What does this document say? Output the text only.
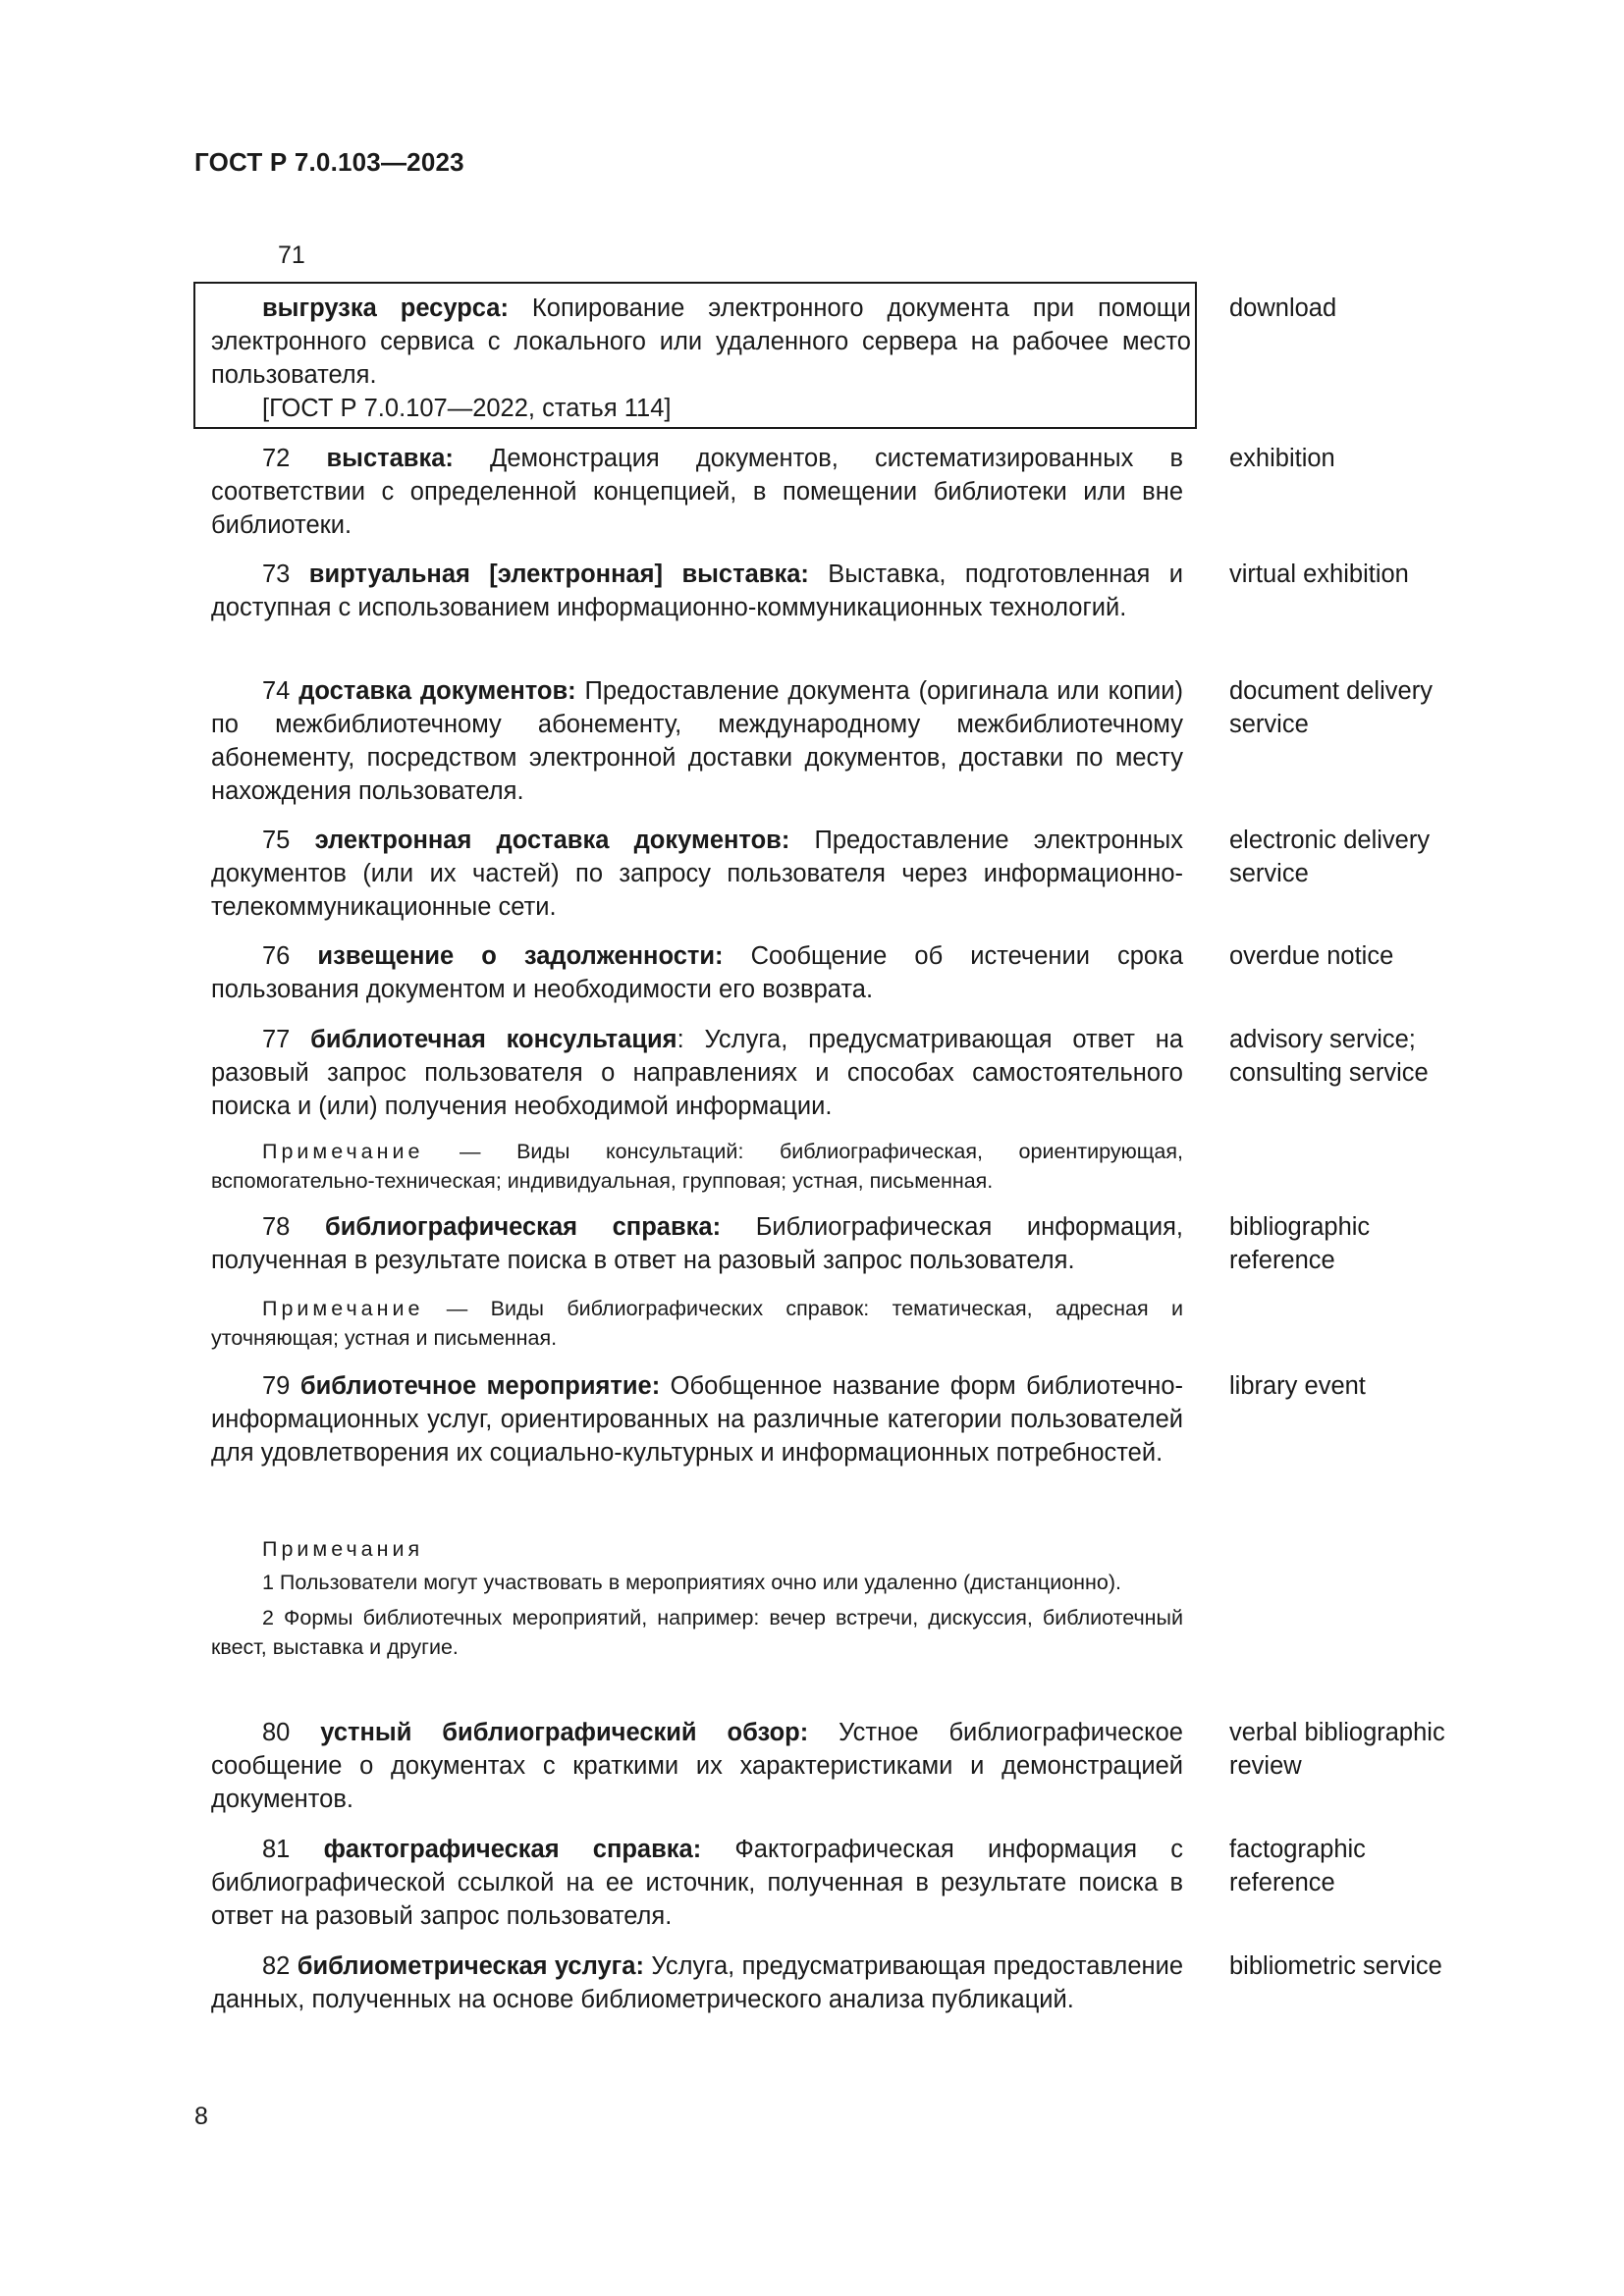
ГОСТ Р 7.0.103—2023
71
выгрузка ресурса: Копирование электронного документа при помощи электронного сервиса с локального или удаленного сервера на рабочее место пользователя.
[ГОСТ Р 7.0.107—2022, статья 114]
download
72 выставка: Демонстрация документов, систематизированных в соответствии с определенной концепцией, в помещении библиотеки или вне библиотеки.
exhibition
73 виртуальная [электронная] выставка: Выставка, подготовленная и доступная с использованием информационно-коммуникационных технологий.
virtual exhibition
74 доставка документов: Предоставление документа (оригинала или копии) по межбиблиотечному абонементу, международному межбиблиотечному абонементу, посредством электронной доставки документов, доставки по месту нахождения пользователя.
document delivery service
75 электронная доставка документов: Предоставление электронных документов (или их частей) по запросу пользователя через информационно-телекоммуникационные сети.
electronic delivery service
76 извещение о задолженности: Сообщение об истечении срока пользования документом и необходимости его возврата.
overdue notice
77 библиотечная консультация: Услуга, предусматривающая ответ на разовый запрос пользователя о направлениях и способах самостоятельного поиска и (или) получения необходимой информации.
advisory service; consulting service
Примечание — Виды консультаций: библиографическая, ориентирующая, вспомогательно-техническая; индивидуальная, групповая; устная, письменная.
78 библиографическая справка: Библиографическая информация, полученная в результате поиска в ответ на разовый запрос пользователя.
bibliographic reference
Примечание — Виды библиографических справок: тематическая, адресная и уточняющая; устная и письменная.
79 библиотечное мероприятие: Обобщенное название форм библиотечно-информационных услуг, ориентированных на различные категории пользователей для удовлетворения их социально-культурных и информационных потребностей.
library event
Примечания
1 Пользователи могут участвовать в мероприятиях очно или удаленно (дистанционно).
2 Формы библиотечных мероприятий, например: вечер встречи, дискуссия, библиотечный квест, выставка и другие.
80 устный библиографический обзор: Устное библиографическое сообщение о документах с краткими их характеристиками и демонстрацией документов.
verbal bibliographic review
81 фактографическая справка: Фактографическая информация с библиографической ссылкой на ее источник, полученная в результате поиска в ответ на разовый запрос пользователя.
factographic reference
82 библиометрическая услуга: Услуга, предусматривающая предоставление данных, полученных на основе библиометрического анализа публикаций.
bibliometric service
8
